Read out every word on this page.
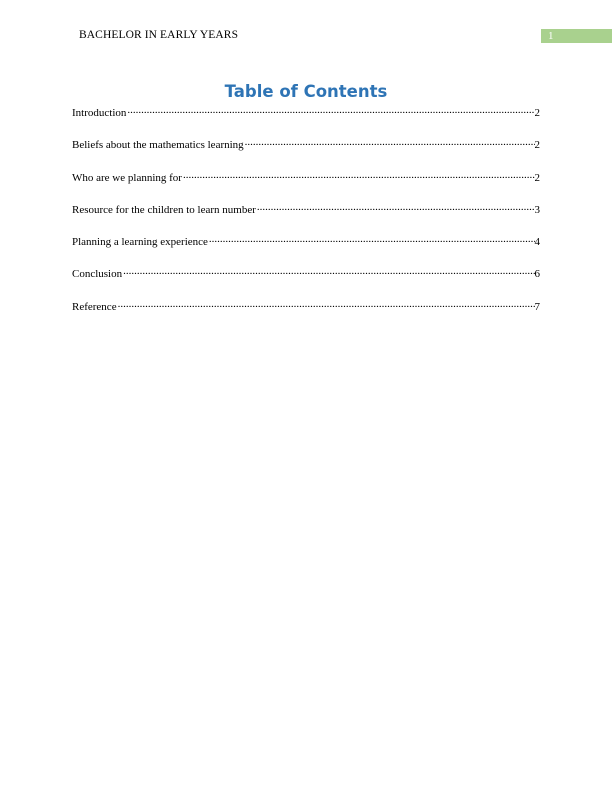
BACHELOR IN EARLY YEARS	1
Table of Contents
Introduction .....	2
Beliefs about the mathematics learning .....	2
Who are we planning for .....	2
Resource for the children to learn number .....	3
Planning a learning experience .....	4
Conclusion .....	6
Reference .....	7
